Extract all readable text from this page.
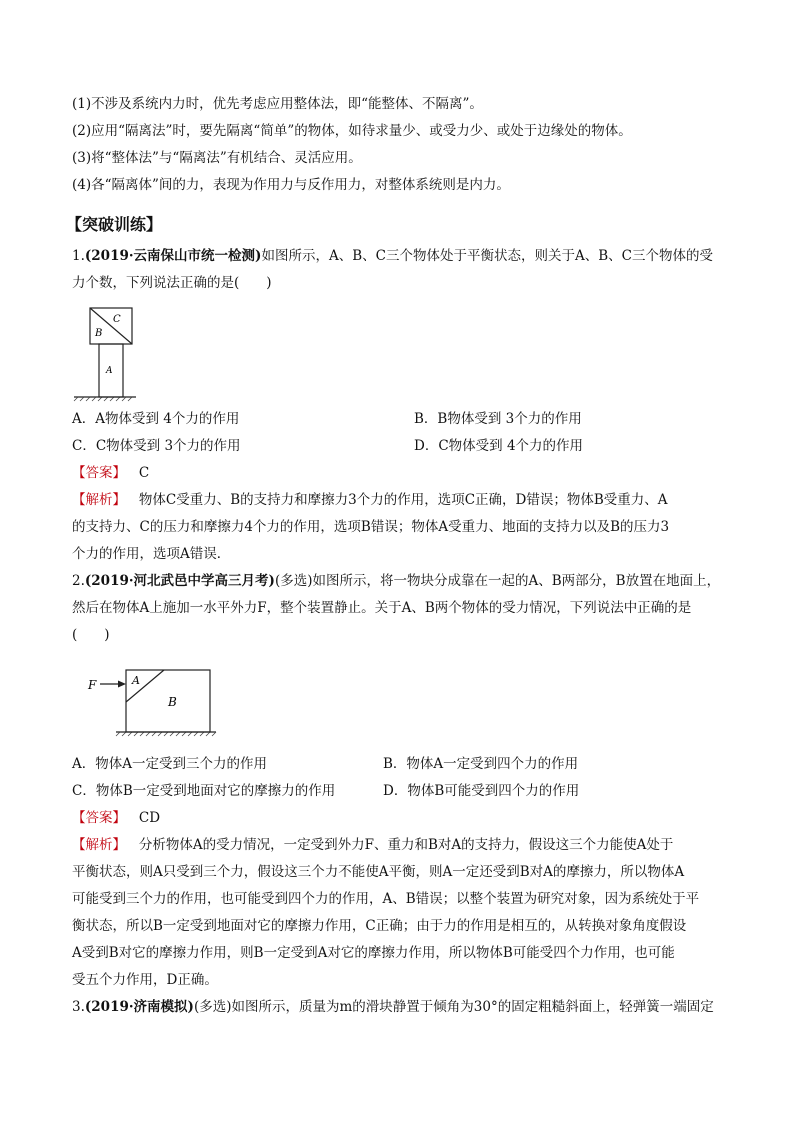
(1)不涉及系统内力时，优先考虑应用整体法，即“能整体、不隔离”。
(2)应用“隔离法”时，要先隔离“简单”的物体，如待求量少、或受力少、或处于边缘处的物体。
(3)将“整体法”与“隔离法”有机结合、灵活应用。
(4)各“隔离体”间的力，表现为作用力与反作用力，对整体系统则是内力。
【突破训练】
1.(2019·云南保山市统一检测)如图所示，A、B、C三个物体处于平衡状态，则关于A、B、C三个物体的受
力个数，下列说法正确的是(　　)
B
C
A
A．A物体受到 4个力的作用	B．B物体受到 3个力的作用
C．C物体受到 3个力的作用	D．C物体受到 4个力的作用
【答案】 C
【解析】 物体C受重力、B的支持力和摩擦力3个力的作用，选项C正确，D错误；物体B受重力、A
的支持力、C的压力和摩擦力4个力的作用，选项B错误；物体A受重力、地面的支持力以及B的压力3
个力的作用，选项A错误．
2.(2019·河北武邑中学高三月考)(多选)如图所示，将一物块分成靠在一起的A、B两部分，B放置在地面上，
然后在物体A上施加一水平外力F，整个装置静止。关于A、B两个物体的受力情况，下列说法中正确的是
(　　)
F	A
B
A．物体A一定受到三个力的作用	B．物体A一定受到四个力的作用
C．物体B一定受到地面对它的摩擦力的作用	D．物体B可能受到四个力的作用
【答案】 CD
【解析】 分析物体A的受力情况，一定受到外力F、重力和B对A的支持力，假设这三个力能使A处于
平衡状态，则A只受到三个力，假设这三个力不能使A平衡，则A一定还受到B对A的摩擦力，所以物体A
可能受到三个力的作用，也可能受到四个力的作用，A、B错误；以整个装置为研究对象，因为系统处于平
衡状态，所以B一定受到地面对它的摩擦力作用，C正确；由于力的作用是相互的，从转换对象角度假设
A受到B对它的摩擦力作用，则B一定受到A对它的摩擦力作用，所以物体B可能受四个力作用，也可能
受五个力作用，D正确。
3.(2019·济南模拟)(多选)如图所示，质量为m的滑块静置于倾角为30°的固定粗糙斜面上，轻弹簧一端固定
